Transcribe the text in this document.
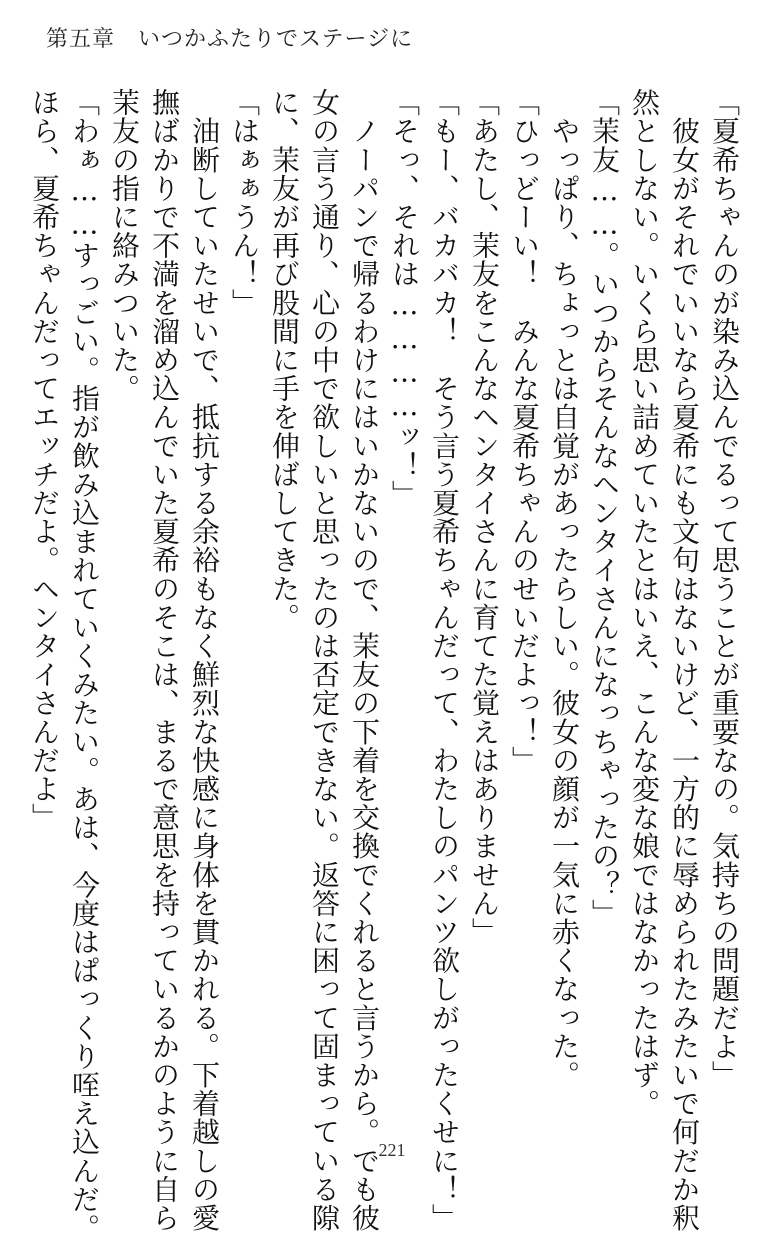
第五章　いつかふたりでステージに
「夏希ちゃんのが染み込んでるって思うことが重要なの。気持ちの問題だよ」
　彼女がそれでいいなら夏希にも文句はないけど、一方的に辱められたみたいで何だか釈
然としない。いくら思い詰めていたとはいえ、こんな変な娘ではなかったはず。
「茉友……。いつからそんなヘンタイさんになっちゃったの？」
　やっぱり、ちょっとは自覚があったらしい。彼女の顔が一気に赤くなった。
「ひっどーい！　みんな夏希ちゃんのせいだよっ！」
「あたし、茉友をこんなヘンタイさんに育てた覚えはありません」
「もー、バカバカ！　そう言う夏希ちゃんだって、わたしのパンツ欲しがったくせに！」
「そっ、それは…………ッ！」
　ノーパンで帰るわけにはいかないので、茉友の下着を交換でくれると言うから。でも彼
女の言う通り、心の中で欲しいと思ったのは否定できない。返答に困って固まっている隙
に、茉友が再び股間に手を伸ばしてきた。
「はぁぁうん！」
　油断していたせいで、抵抗する余裕もなく鮮烈な快感に身体を貫かれる。下着越しの愛
撫ばかりで不満を溜め込んでいた夏希のそこは、まるで意思を持っているかのように自ら
茉友の指に絡みついた。
「わぁ……すっごい。指が飲み込まれていくみたい。あは、今度はぱっくり咥え込んだ。
ほら、夏希ちゃんだってエッチだよ。ヘンタイさんだよ」
221
